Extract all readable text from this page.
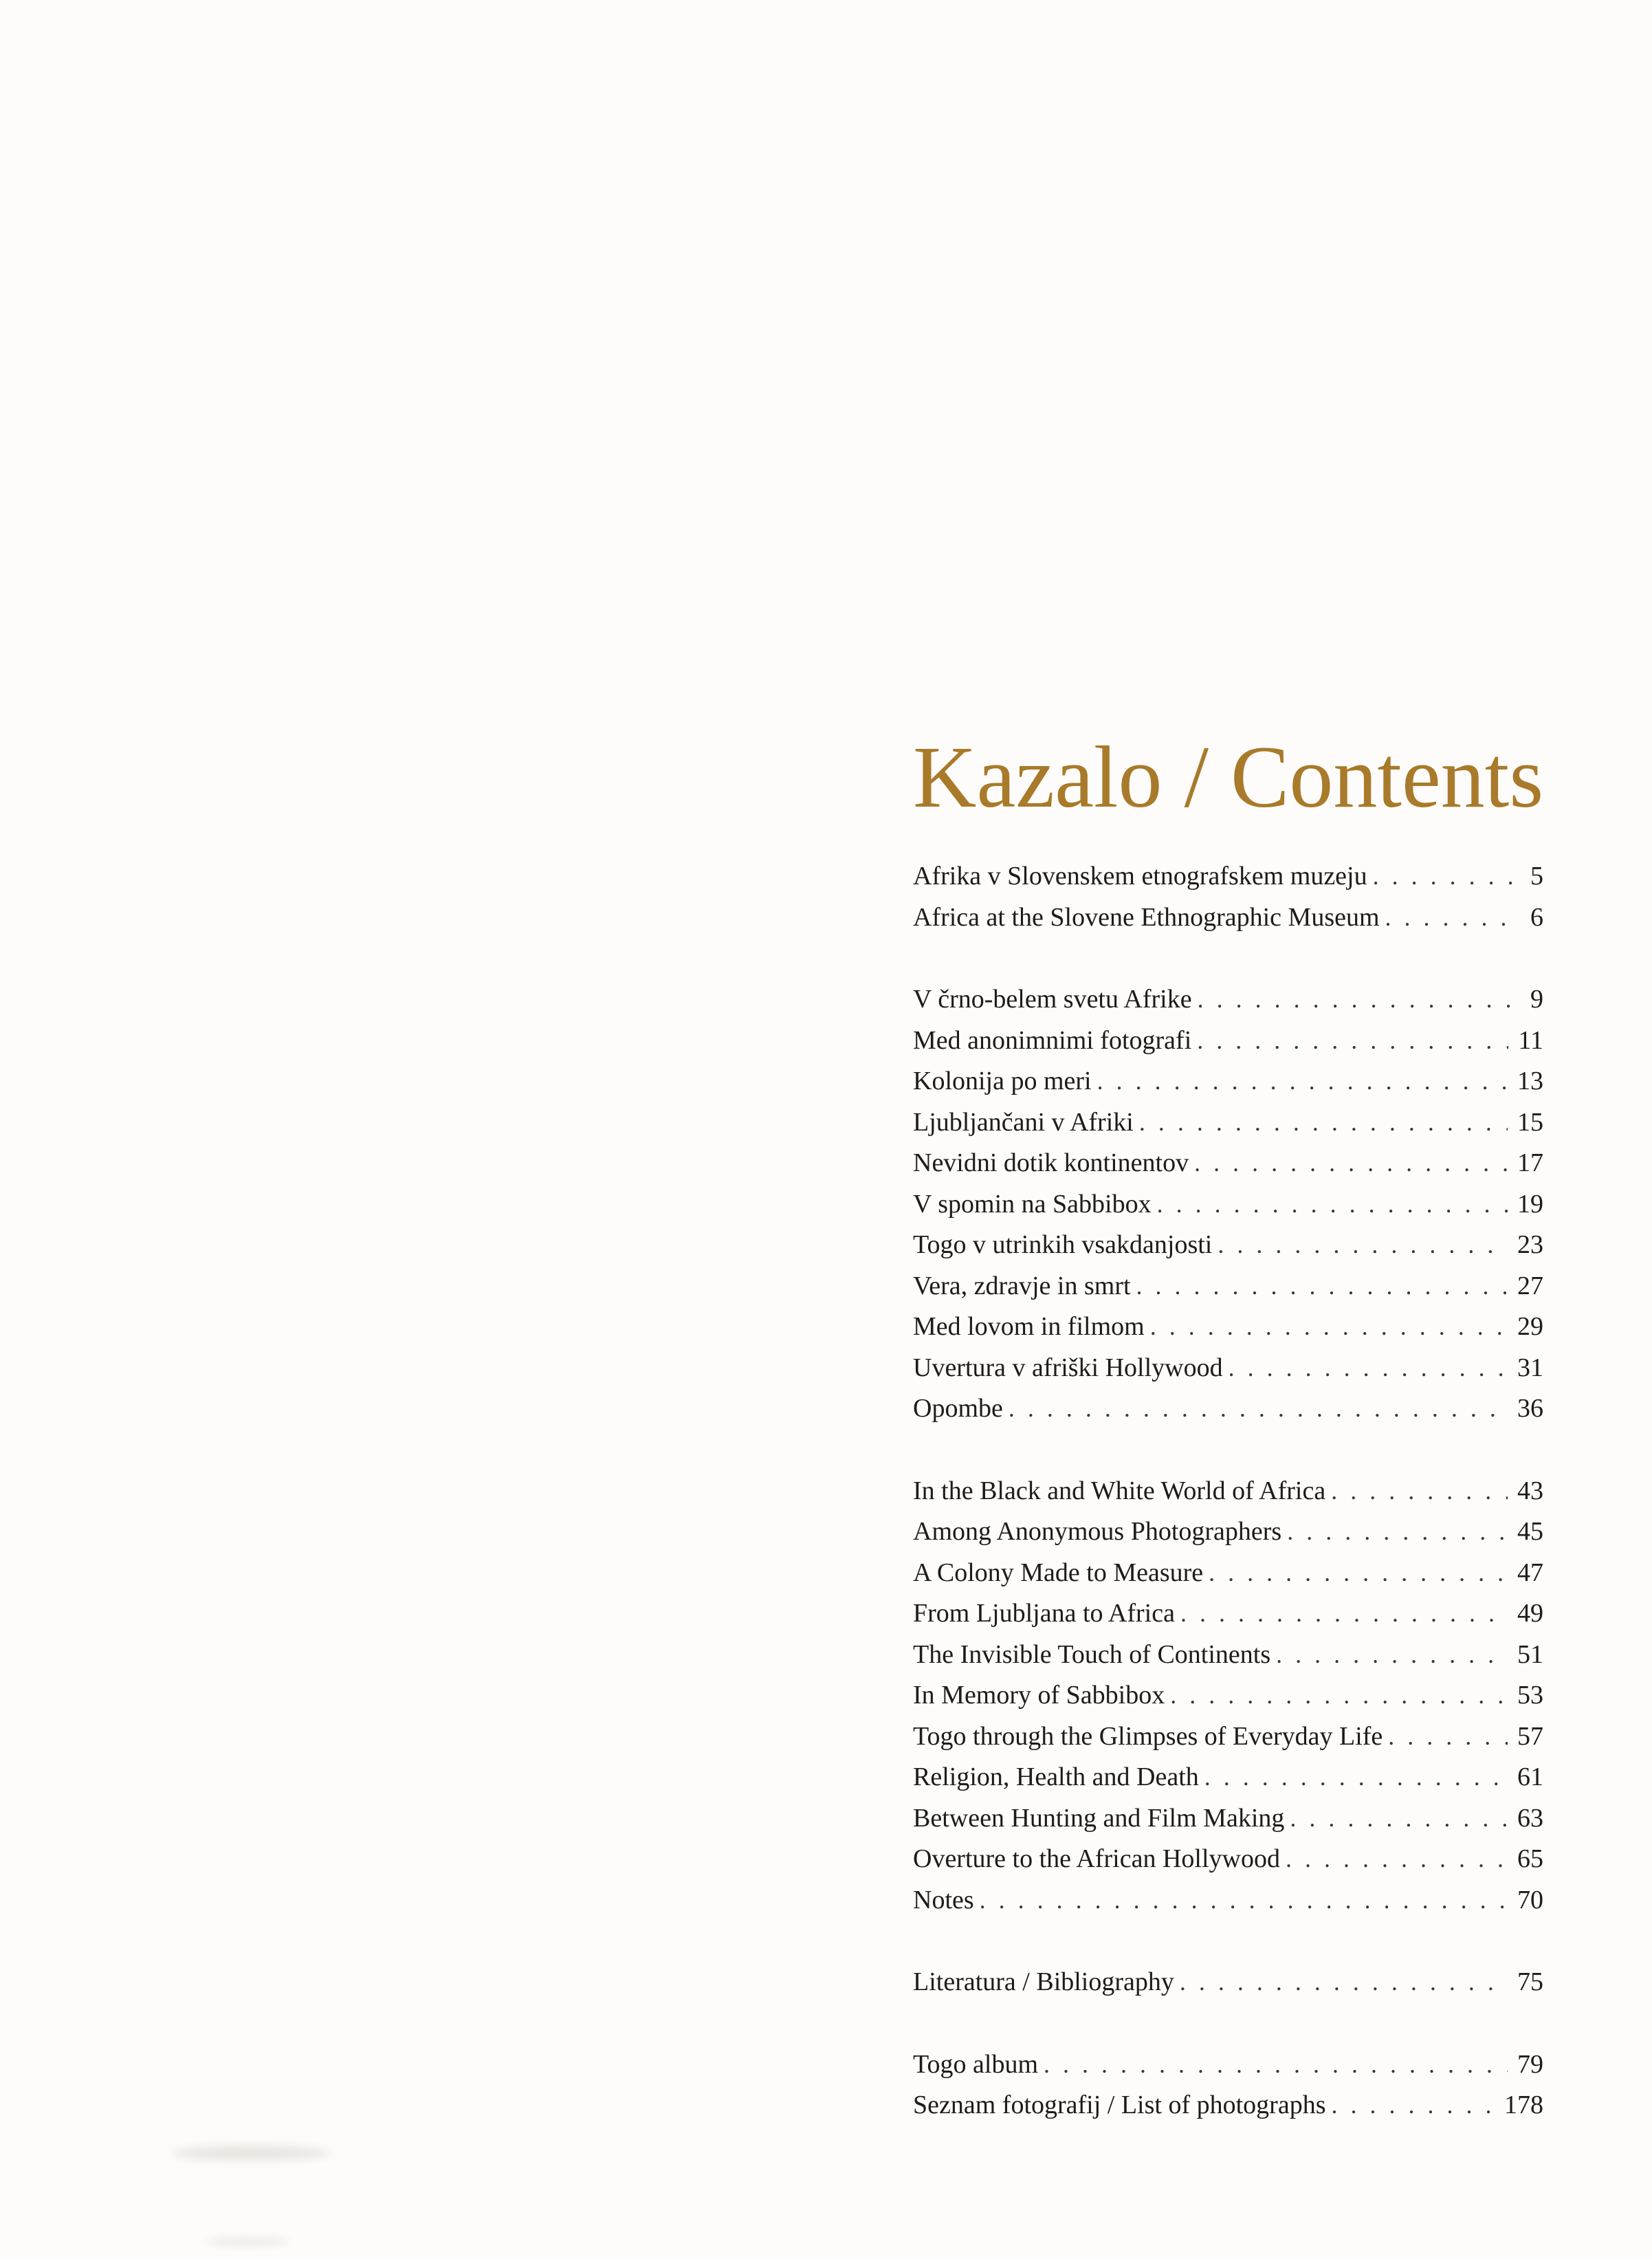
Kazalo / Contents
Afrika v Slovenskem etnografskem muzeju . . .	5
Africa at the Slovene Ethnographic Museum . . .	6
V črno-belem svetu Afrike . . .	9
Med anonimnimi fotografi . . .	11
Kolonija po meri . . .	13
Ljubljančani v Afriki . . .	15
Nevidni dotik kontinentov . . .	17
V spomin na Sabbibox . . .	19
Togo v utrinkih vsakdanjosti . . .	23
Vera, zdravje in smrt . . .	27
Med lovom in filmom . . .	29
Uvertura v afriški Hollywood . . .	31
Opombe . . .	36
In the Black and White World of Africa . . .	43
Among Anonymous Photographers . . .	45
A Colony Made to Measure . . .	47
From Ljubljana to Africa . . .	49
The Invisible Touch of Continents . . .	51
In Memory of Sabbibox . . .	53
Togo through the Glimpses of Everyday Life . . .	57
Religion, Health and Death . . .	61
Between Hunting and Film Making . . .	63
Overture to the African Hollywood . . .	65
Notes . . .	70
Literatura / Bibliography . . .	75
Togo album . . .	79
Seznam fotografij / List of photographs . . .	178
